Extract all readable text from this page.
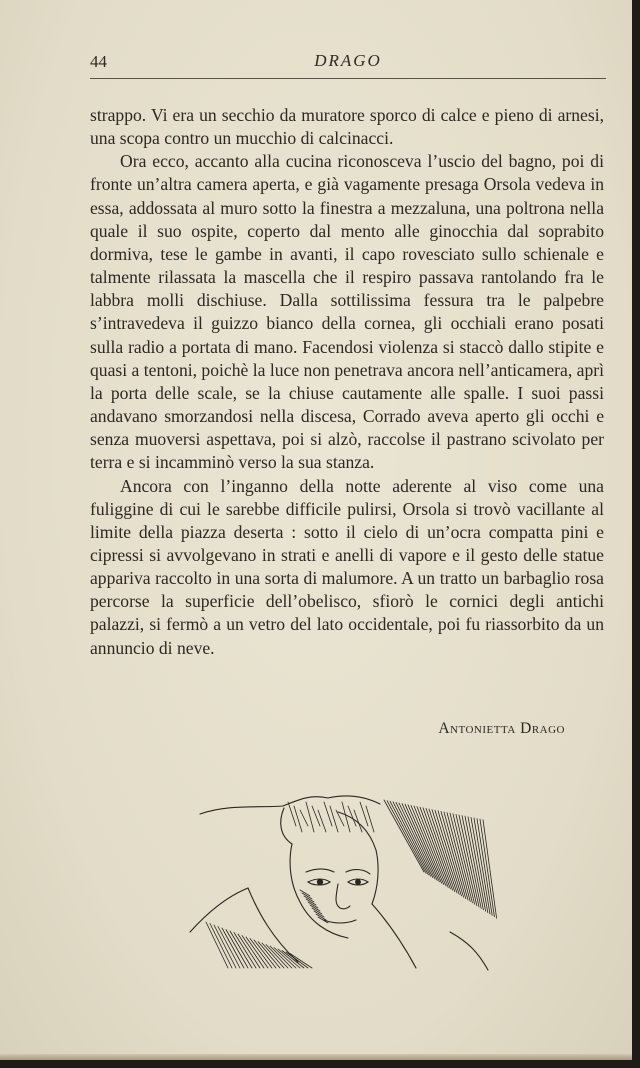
44	DRAGO

strappo. Vi era un secchio da muratore sporco di calce e pieno di arnesi, una scopa contro un mucchio di calcinacci.

Ora ecco, accanto alla cucina riconosceva l’uscio del bagno, poi di fronte un’altra camera aperta, e già vagamente presaga Orsola vedeva in essa, addossata al muro sotto la finestra a mezzaluna, una poltrona nella quale il suo ospite, coperto dal mento alle ginocchia dal soprabito dormiva, tese le gambe in avanti, il capo rovesciato sullo schienale e talmente rilassata la mascella che il respiro passava rantolando fra le labbra molli dischiuse. Dalla sottilissima fessura tra le palpebre s’intravedeva il guizzo bianco della cornea, gli occhiali erano posati sulla radio a portata di mano. Facendosi violenza si staccò dallo stipite e quasi a tentoni, poichè la luce non penetrava ancora nell’anticamera, aprì la porta delle scale, se la chiuse cautamente alle spalle. I suoi passi andavano smorzandosi nella discesa, Corrado aveva aperto gli occhi e senza muoversi aspettava, poi si alzò, raccolse il pastrano scivolato per terra e si incamminò verso la sua stanza.

Ancora con l’inganno della notte aderente al viso come una fuliggine di cui le sarebbe difficile pulirsi, Orsola si trovò vacillante al limite della piazza deserta : sotto il cielo di un’ocra compatta pini e cipressi si avvolgevano in strati e anelli di vapore e il gesto delle statue appariva raccolto in una sorta di malumore. A un tratto un barbaglio rosa percorse la superficie dell’obelisco, sfiorò le cornici degli antichi palazzi, si fermò a un vetro del lato occidentale, poi fu riassorbito da un annuncio di neve.

Antonietta Drago
